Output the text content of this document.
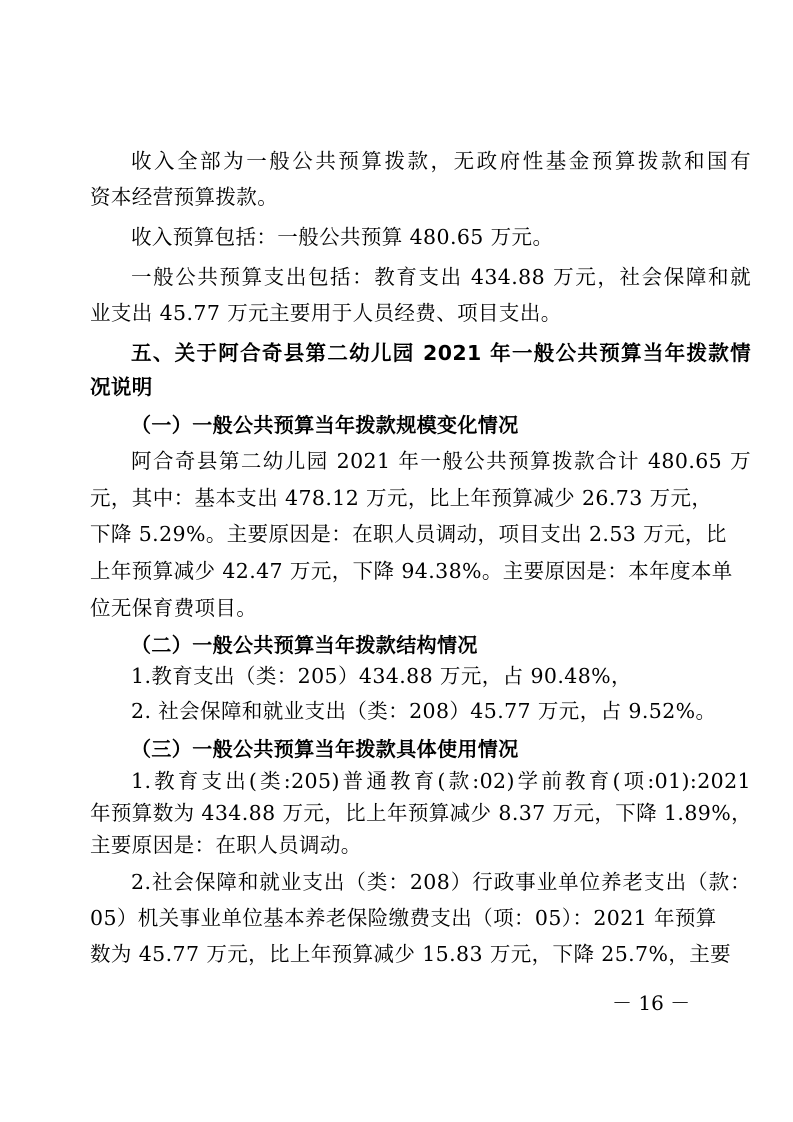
收入全部为一般公共预算拨款，无政府性基金预算拨款和国有
资本经营预算拨款。
收入预算包括：一般公共预算 480.65 万元。
一般公共预算支出包括：教育支出 434.88 万元，社会保障和就
业支出 45.77 万元主要用于人员经费、项目支出。
五、关于阿合奇县第二幼儿园 2021 年一般公共预算当年拨款情
况说明
（一）一般公共预算当年拨款规模变化情况
阿合奇县第二幼儿园 2021 年一般公共预算拨款合计 480.65 万
元，其中：基本支出 478.12 万元，比上年预算减少 26.73 万元，
下降 5.29%。主要原因是：在职人员调动，项目支出 2.53 万元，比
上年预算减少 42.47 万元，下降 94.38%。主要原因是：本年度本单
位无保育费项目。
（二）一般公共预算当年拨款结构情况
1.教育支出（类：205）434.88 万元，占 90.48%，
2. 社会保障和就业支出（类：208）45.77 万元，占 9.52%。
（三）一般公共预算当年拨款具体使用情况
1.教育支出(类:205)普通教育(款:02)学前教育(项:01):2021
年预算数为 434.88 万元，比上年预算减少 8.37 万元，下降 1.89%，
主要原因是：在职人员调动。
2.社会保障和就业支出（类：208）行政事业单位养老支出（款：
05）机关事业单位基本养老保险缴费支出（项：05）：2021 年预算
数为 45.77 万元，比上年预算减少 15.83 万元，下降 25.7%，主要
－ 16 －
